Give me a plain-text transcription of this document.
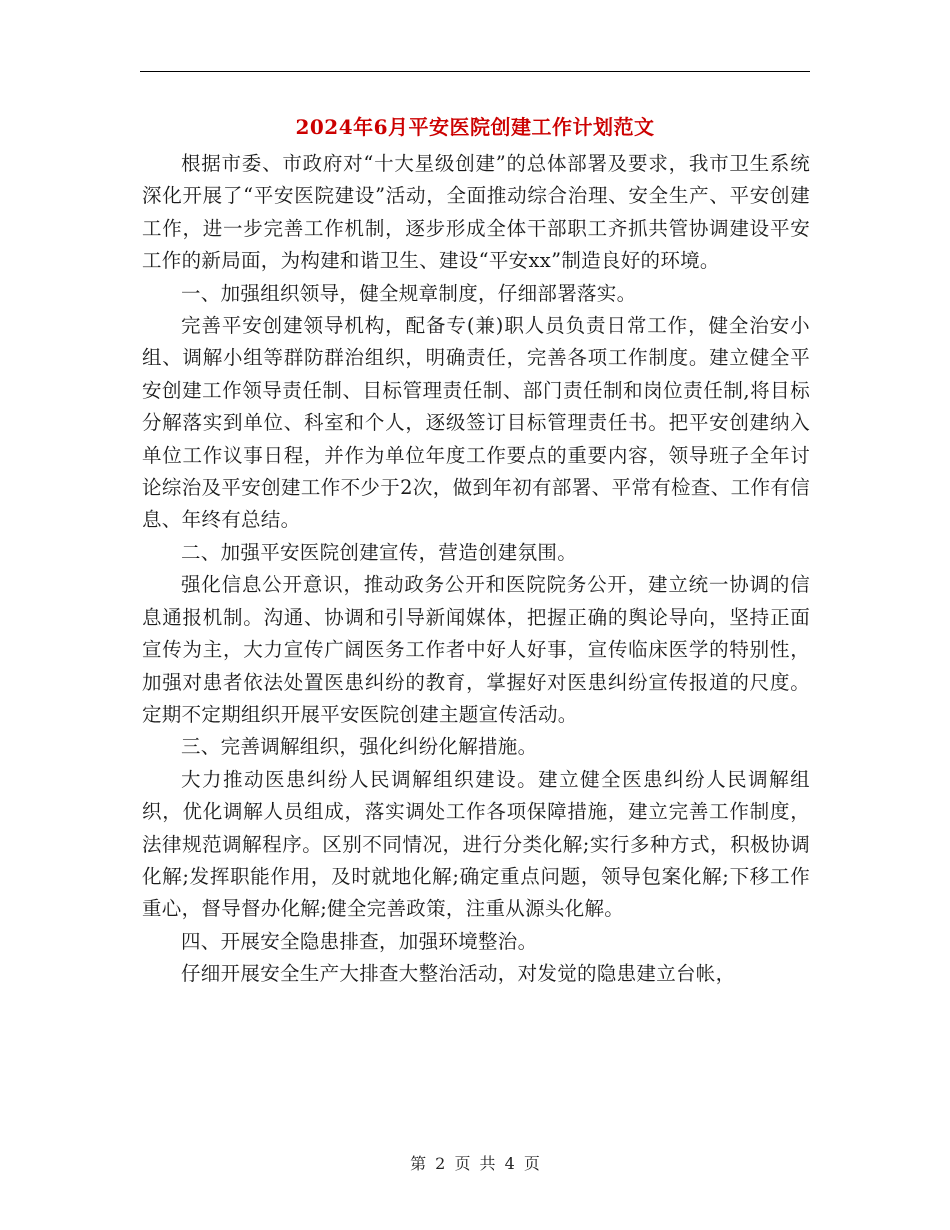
2024年6月平安医院创建工作计划范文

根据市委、市政府对“十大星级创建”的总体部署及要求，我市卫生系统深化开展了“平安医院建设”活动，全面推动综合治理、安全生产、平安创建工作，进一步完善工作机制，逐步形成全体干部职工齐抓共管协调建设平安工作的新局面，为构建和谐卫生、建设“平安xx”制造良好的环境。

一、加强组织领导，健全规章制度，仔细部署落实。

完善平安创建领导机构，配备专(兼)职人员负责日常工作，健全治安小组、调解小组等群防群治组织，明确责任，完善各项工作制度。建立健全平安创建工作领导责任制、目标管理责任制、部门责任制和岗位责任制,将目标分解落实到单位、科室和个人，逐级签订目标管理责任书。把平安创建纳入单位工作议事日程，并作为单位年度工作要点的重要内容，领导班子全年讨论综治及平安创建工作不少于2次，做到年初有部署、平常有检查、工作有信息、年终有总结。

二、加强平安医院创建宣传，营造创建氛围。

强化信息公开意识，推动政务公开和医院院务公开，建立统一协调的信息通报机制。沟通、协调和引导新闻媒体，把握正确的舆论导向，坚持正面宣传为主，大力宣传广阔医务工作者中好人好事，宣传临床医学的特别性，加强对患者依法处置医患纠纷的教育，掌握好对医患纠纷宣传报道的尺度。定期不定期组织开展平安医院创建主题宣传活动。

三、完善调解组织，强化纠纷化解措施。

大力推动医患纠纷人民调解组织建设。建立健全医患纠纷人民调解组织，优化调解人员组成，落实调处工作各项保障措施，建立完善工作制度，法律规范调解程序。区别不同情况，进行分类化解;实行多种方式，积极协调化解;发挥职能作用，及时就地化解;确定重点问题，领导包案化解;下移工作重心，督导督办化解;健全完善政策，注重从源头化解。

四、开展安全隐患排查，加强环境整治。

仔细开展安全生产大排查大整治活动，对发觉的隐患建立台帐，

第 2 页 共 4 页
